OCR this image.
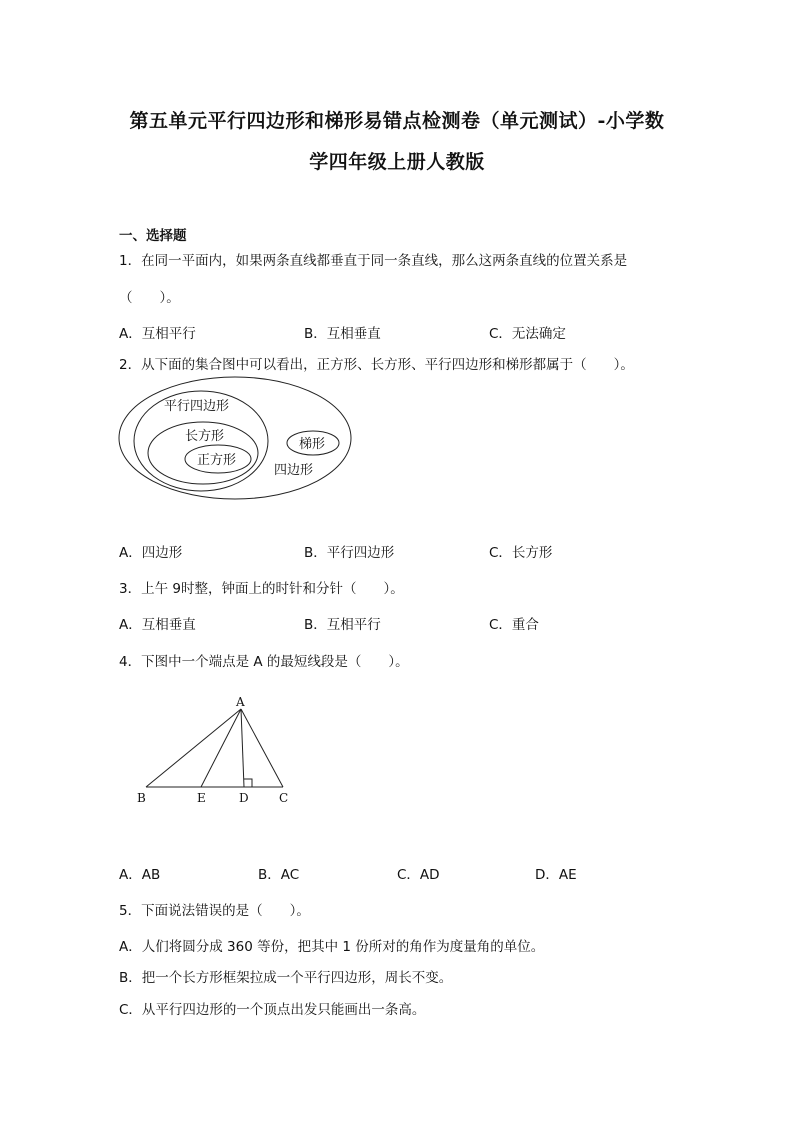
第五单元平行四边形和梯形易错点检测卷（单元测试）-小学数
学四年级上册人教版
一、选择题
1．在同一平面内，如果两条直线都垂直于同一条直线，那么这两条直线的位置关系是
（　　）。
A．互相平行	B．互相垂直	C．无法确定
2．从下面的集合图中可以看出，正方形、长方形、平行四边形和梯形都属于（　　）。
平行四边形
长方形
正方形
梯形
四边形
A．四边形	B．平行四边形	C．长方形
3．上午 9时整，钟面上的时针和分针（　　）。
A．互相垂直	B．互相平行	C．重合
4．下图中一个端点是 A 的最短线段是（　　）。
A
B	E	D	C
A．AB	B．AC	C．AD	D．AE
5．下面说法错误的是（　　）。
A．人们将圆分成 360 等份，把其中 1 份所对的角作为度量角的单位。
B．把一个长方形框架拉成一个平行四边形，周长不变。
C．从平行四边形的一个顶点出发只能画出一条高。
